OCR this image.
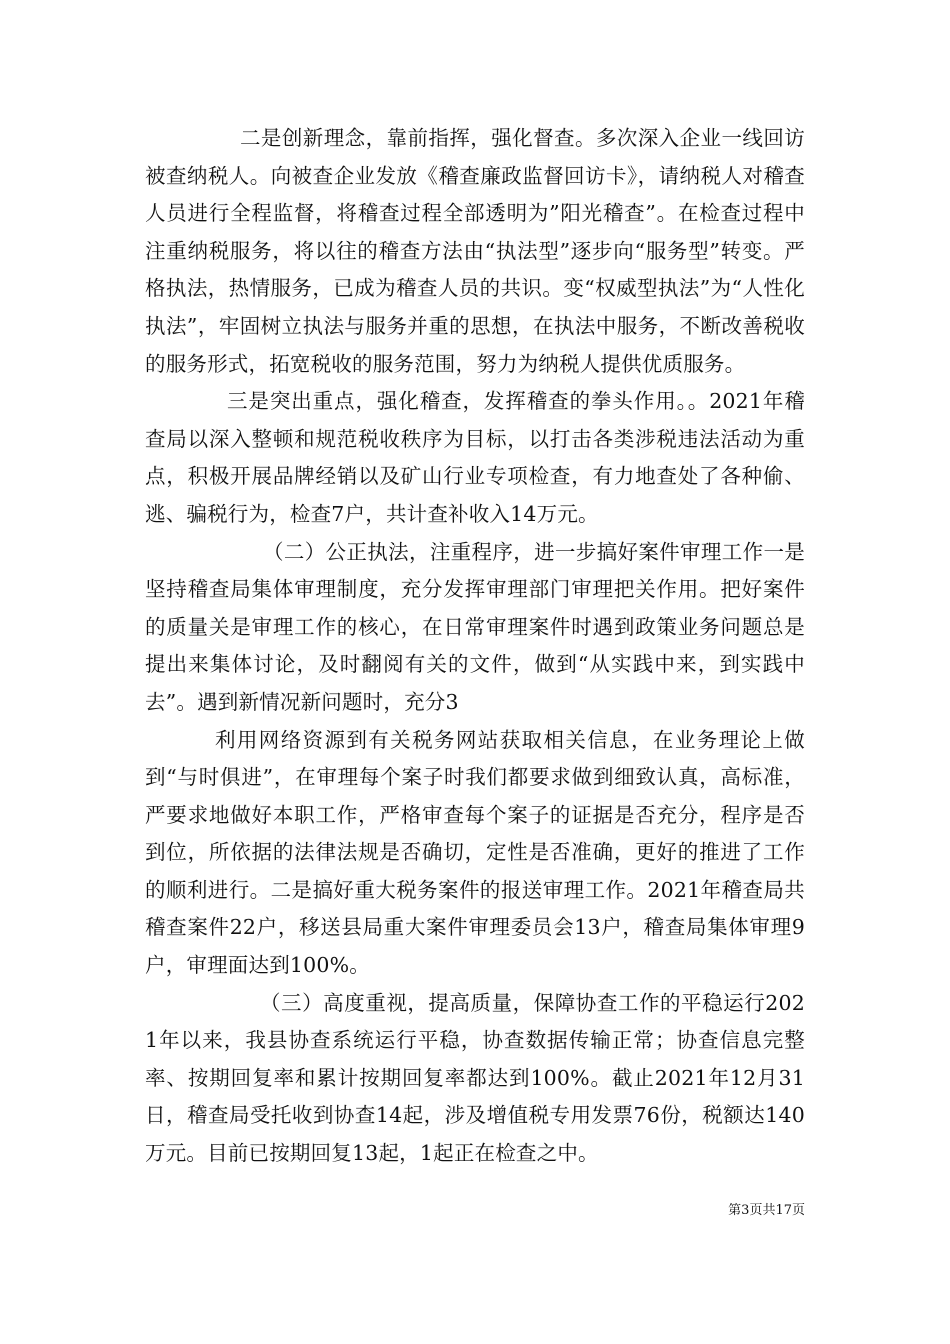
二是创新理念，靠前指挥，强化督查。多次深入企业一线回访被查纳税人。向被查企业发放《稽查廉政监督回访卡》，请纳税人对稽查人员进行全程监督，将稽查过程全部透明为”阳光稽查”。在检查过程中注重纳税服务，将以往的稽查方法由“执法型”逐步向“服务型”转变。严格执法，热情服务，已成为稽查人员的共识。变“权威型执法”为“人性化执法”，牢固树立执法与服务并重的思想，在执法中服务，不断改善税收的服务形式，拓宽税收的服务范围，努力为纳税人提供优质服务。

三是突出重点，强化稽查，发挥稽查的拳头作用。。2021年稽查局以深入整顿和规范税收秩序为目标，以打击各类涉税违法活动为重点，积极开展品牌经销以及矿山行业专项检查，有力地查处了各种偷、逃、骗税行为，检查7户，共计查补收入14万元。

（二）公正执法，注重程序，进一步搞好案件审理工作一是坚持稽查局集体审理制度，充分发挥审理部门审理把关作用。把好案件的质量关是审理工作的核心，在日常审理案件时遇到政策业务问题总是提出来集体讨论，及时翻阅有关的文件，做到“从实践中来，到实践中去”。遇到新情况新问题时，充分3

利用网络资源到有关税务网站获取相关信息，在业务理论上做到“与时俱进”，在审理每个案子时我们都要求做到细致认真，高标准，严要求地做好本职工作，严格审查每个案子的证据是否充分，程序是否到位，所依据的法律法规是否确切，定性是否准确，更好的推进了工作的顺利进行。二是搞好重大税务案件的报送审理工作。2021年稽查局共稽查案件22户，移送县局重大案件审理委员会13户，稽查局集体审理9户，审理面达到100%。

（三）高度重视，提高质量，保障协查工作的平稳运行2021年以来，我县协查系统运行平稳，协查数据传输正常；协查信息完整率、按期回复率和累计按期回复率都达到100%。截止2021年12月31日，稽查局受托收到协查14起，涉及增值税专用发票76份，税额达140万元。目前已按期回复13起，1起正在检查之中。

第3页共17页
